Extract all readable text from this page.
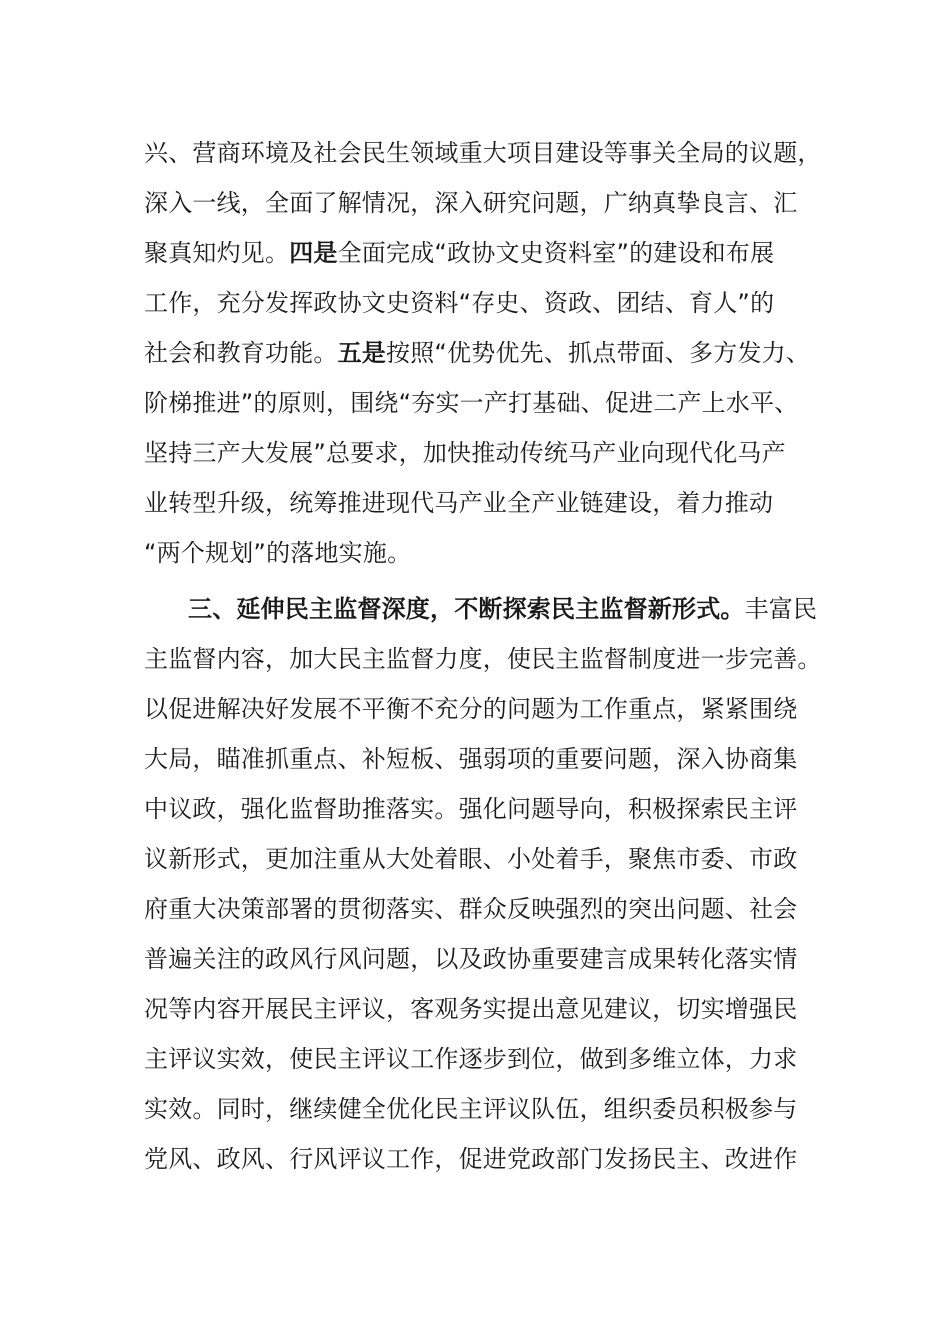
兴、营商环境及社会民生领域重大项目建设等事关全局的议题，
深入一线，全面了解情况，深入研究问题，广纳真挚良言、汇
聚真知灼见。四是全面完成“政协文史资料室”的建设和布展
工作，充分发挥政协文史资料“存史、资政、团结、育人”的
社会和教育功能。五是按照“优势优先、抓点带面、多方发力、
阶梯推进”的原则，围绕“夯实一产打基础、促进二产上水平、
坚持三产大发展”总要求，加快推动传统马产业向现代化马产
业转型升级，统筹推进现代马产业全产业链建设，着力推动
“两个规划”的落地实施。
三、延伸民主监督深度，不断探索民主监督新形式。丰富民
主监督内容，加大民主监督力度，使民主监督制度进一步完善。
以促进解决好发展不平衡不充分的问题为工作重点，紧紧围绕
大局，瞄准抓重点、补短板、强弱项的重要问题，深入协商集
中议政，强化监督助推落实。强化问题导向，积极探索民主评
议新形式，更加注重从大处着眼、小处着手，聚焦市委、市政
府重大决策部署的贯彻落实、群众反映强烈的突出问题、社会
普遍关注的政风行风问题，以及政协重要建言成果转化落实情
况等内容开展民主评议，客观务实提出意见建议，切实增强民
主评议实效，使民主评议工作逐步到位，做到多维立体，力求
实效。同时，继续健全优化民主评议队伍，组织委员积极参与
党风、政风、行风评议工作，促进党政部门发扬民主、改进作
